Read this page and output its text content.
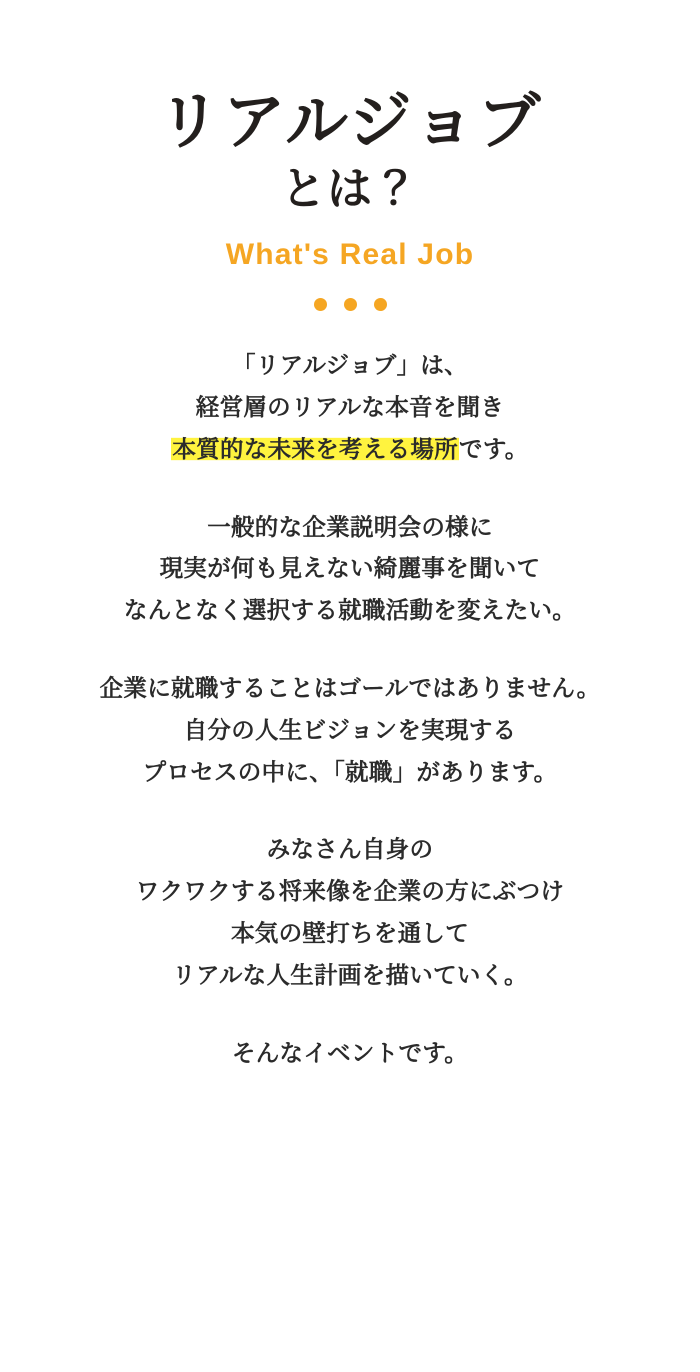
リアルジョブ
とは？
What's Real Job

「リアルジョブ」は、
経営層のリアルな本音を聞き
本質的な未来を考える場所です。

一般的な企業説明会の様に
現実が何も見えない綺麗事を聞いて
なんとなく選択する就職活動を変えたい。

企業に就職することはゴールではありません。
自分の人生ビジョンを実現する
プロセスの中に、「就職」があります。

みなさん自身の
ワクワクする将来像を企業の方にぶつけ
本気の壁打ちを通して
リアルな人生計画を描いていく。

そんなイベントです。
